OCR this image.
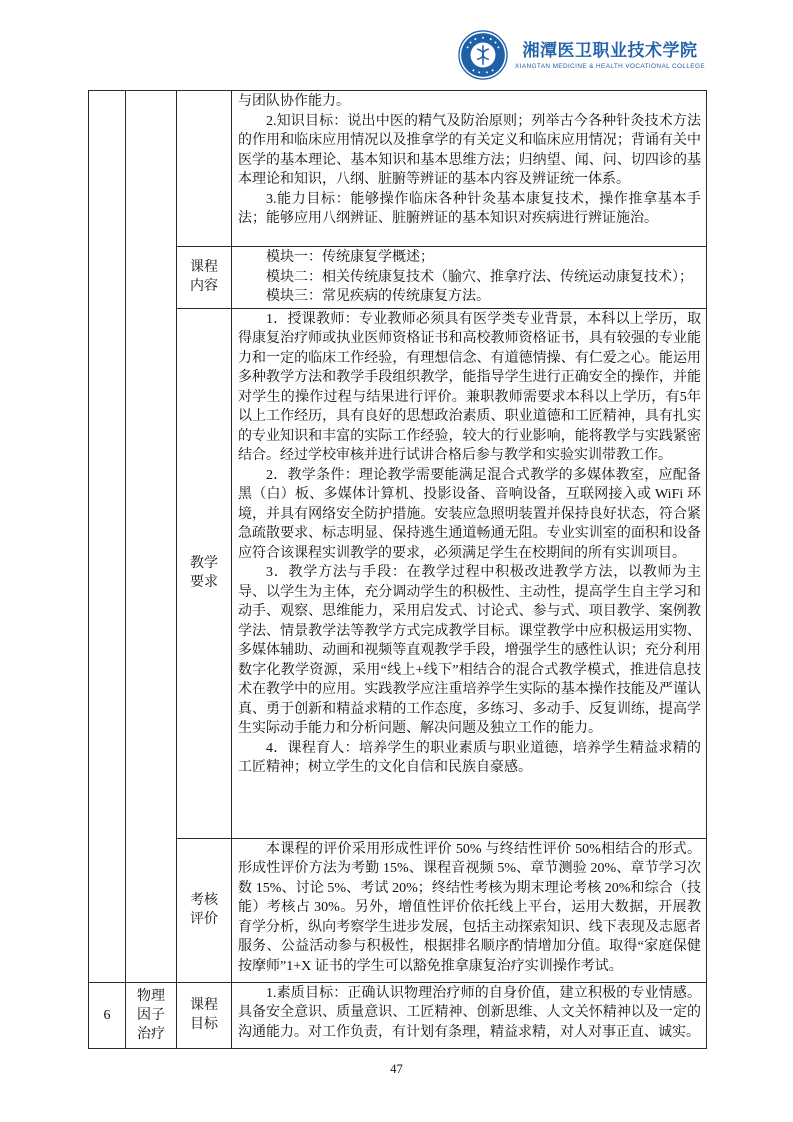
湘潭医卫职业技术学院
XIANGTAN MEDICINE & HEALTH VOCATIONAL COLLEGE

			与团队协作能力。

2.知识目标：说出中医的精气及防治原则；列举古今各种针灸技术方法的作用和临床应用情况以及推拿学的有关定义和临床应用情况；背诵有关中医学的基本理论、基本知识和基本思维方法；归纳望、闻、问、切四诊的基本理论和知识，八纲、脏腑等辨证的基本内容及辨证统一体系。

3.能力目标：能够操作临床各种针灸基本康复技术，操作推拿基本手法；能够应用八纲辨证、脏腑辨证的基本知识对疾病进行辨证施治。

		课程内容	模块一：传统康复学概述；

模块二：相关传统康复技术（腧穴、推拿疗法、传统运动康复技术）；

模块三：常见疾病的传统康复方法。

		教学要求	1．授课教师：专业教师必须具有医学类专业背景，本科以上学历，取得康复治疗师或执业医师资格证书和高校教师资格证书，具有较强的专业能力和一定的临床工作经验，有理想信念、有道德情操、有仁爱之心。能运用多种教学方法和教学手段组织教学，能指导学生进行正确安全的操作，并能对学生的操作过程与结果进行评价。兼职教师需要求本科以上学历，有5年以上工作经历，具有良好的思想政治素质、职业道德和工匠精神，具有扎实的专业知识和丰富的实际工作经验，较大的行业影响，能将教学与实践紧密结合。经过学校审核并进行试讲合格后参与教学和实验实训带教工作。

2．教学条件：理论教学需要能满足混合式教学的多媒体教室，应配备黑（白）板、多媒体计算机、投影设备、音响设备，互联网接入或 WiFi 环境，并具有网络安全防护措施。安装应急照明装置并保持良好状态，符合紧急疏散要求、标志明显、保持逃生通道畅通无阻。专业实训室的面积和设备应符合该课程实训教学的要求，必须满足学生在校期间的所有实训项目。

3．教学方法与手段：在教学过程中积极改进教学方法，以教师为主导、以学生为主体，充分调动学生的积极性、主动性，提高学生自主学习和动手、观察、思维能力，采用启发式、讨论式、参与式、项目教学、案例教学法、情景教学法等教学方式完成教学目标。课堂教学中应积极运用实物、多媒体辅助、动画和视频等直观教学手段，增强学生的感性认识；充分利用数字化教学资源，采用“线上+线下”相结合的混合式教学模式，推进信息技术在教学中的应用。实践教学应注重培养学生实际的基本操作技能及严谨认真、勇于创新和精益求精的工作态度，多练习、多动手、反复训练，提高学生实际动手能力和分析问题、解决问题及独立工作的能力。

4．课程育人：培养学生的职业素质与职业道德，培养学生精益求精的工匠精神；树立学生的文化自信和民族自豪感。

		考核评价	本课程的评价采用形成性评价 50% 与终结性评价 50%相结合的形式。形成性评价方法为考勤 15%、课程音视频 5%、章节测验 20%、章节学习次数 15%、讨论 5%、考试 20%；终结性考核为期末理论考核 20%和综合（技能）考核占 30%。另外，增值性评价依托线上平台，运用大数据，开展教育学分析，纵向考察学生进步发展，包括主动探索知识、线下表现及志愿者服务、公益活动参与积极性，根据排名顺序酌情增加分值。取得“家庭保健按摩师”1+X 证书的学生可以豁免推拿康复治疗实训操作考试。

6	物理因子治疗	课程目标	1.素质目标：正确认识物理治疗师的自身价值，建立积极的专业情感。具备安全意识、质量意识、工匠精神、创新思维、人文关怀精神以及一定的沟通能力。对工作负责，有计划有条理，精益求精，对人对事正直、诚实。

47
